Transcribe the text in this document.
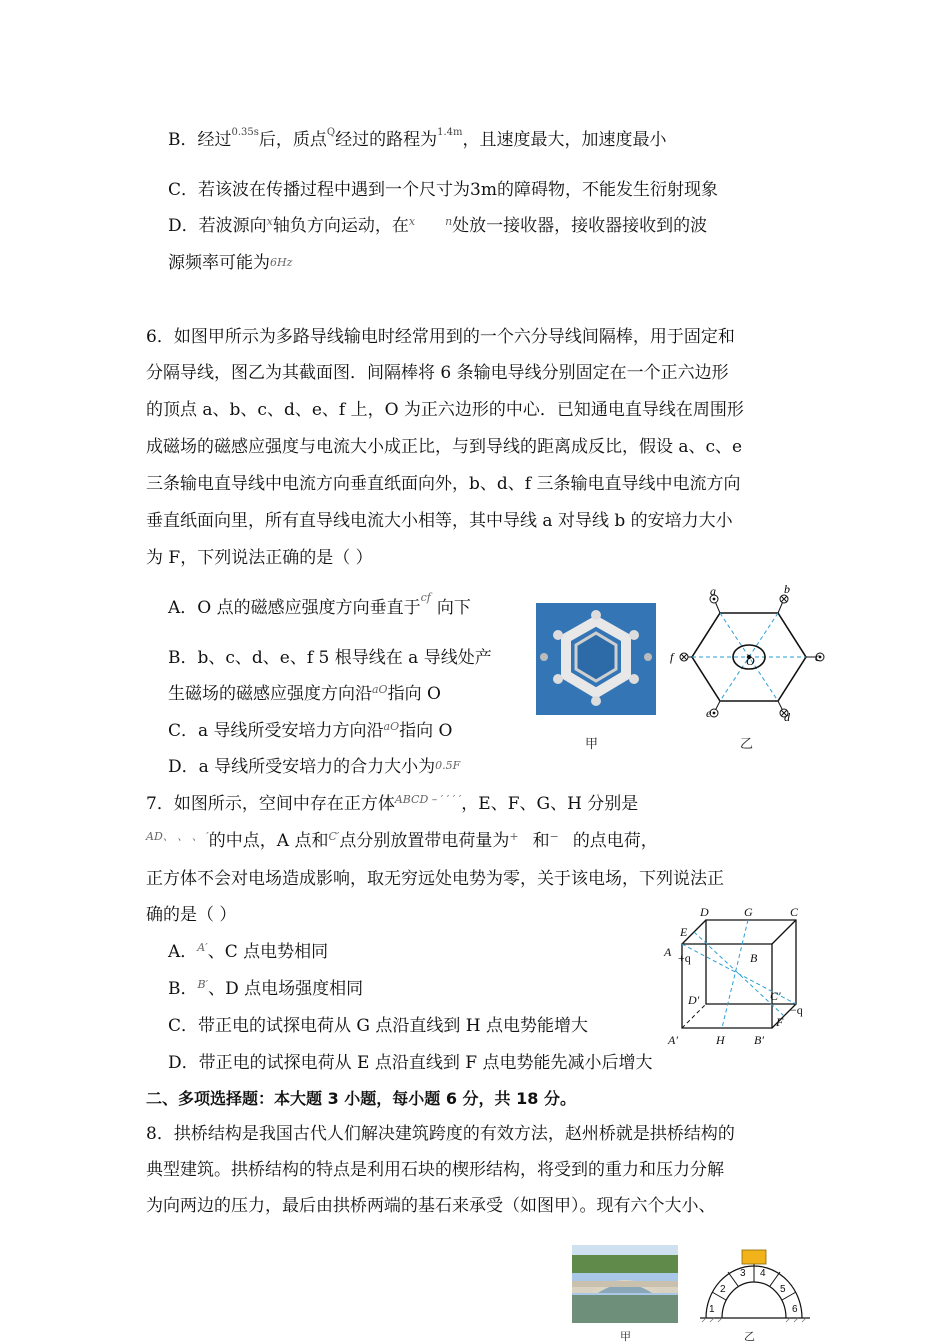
B．经过$^{0.35s}$后，质点$^Q$经过的路程为$^{1.4m}$，且速度最大，加速度最小
C．若该波在传播过程中遇到一个尺寸为3m的障碍物，不能发生衍射现象
D．若波源向$^x$轴负方向运动，在$^x$	$^n$处放一接收器，接收器接收到的波
源频率可能为6Hz
6．如图甲所示为多路导线输电时经常用到的一个六分导线间隔棒，用于固定和
分隔导线，图乙为其截面图．间隔棒将 6 条输电导线分别固定在一个正六边形
的顶点 a、b、c、d、e、f 上，O 为正六边形的中心．已知通电直导线在周围形
成磁场的磁感应强度与电流大小成正比，与到导线的距离成反比，假设 a、c、e
三条输电直导线中电流方向垂直纸面向外，b、d、f 三条输电直导线中电流方向
垂直纸面向里，所有直导线电流大小相等，其中导线 a 对导线 b 的安培力大小
为 F，下列说法正确的是（ ）
A．O 点的磁感应强度方向垂直于$^{cf}$向下
B．b、c、d、e、f 5 根导线在 a 导线处产
生磁场的磁感应强度方向沿$^{aO}$指向 O
C．a 导线所受安培力方向沿$^{aO}$指向 O
D．a 导线所受安培力的合力大小为0.5F
甲
a	b
c
d
e
f	O
乙
7．如图所示，空间中存在正方体$^{ABCD - ' ' ' '}$，E、F、G、H 分别是
$^{AD、 、 、 '}$的中点，A 点和$^{C'}$点分别放置带电荷量为+ 和− 的点电荷，
正方体不会对电场造成影响，取无穷远处电势为零，关于该电场，下列说法正
确的是（ ）
A．$^{A'}$、C 点电势相同
B．$^{B'}$、D 点电场强度相同
C．带正电的试探电荷从 G 点沿直线到 H 点电势能增大
D．带正电的试探电荷从 E 点沿直线到 F 点电势能先减小后增大
D	G	C
E
A +q	B
D′	C′
−q
F
A′	H B′
二、多项选择题：本大题 3 小题，每小题 6 分，共 18 分。
8．拱桥结构是我国古代人们解决建筑跨度的有效方法，赵州桥就是拱桥结构的
典型建筑。拱桥结构的特点是利用石块的楔形结构，将受到的重力和压力分解
为向两边的压力，最后由拱桥两端的基石来承受（如图甲）。现有六个大小、
甲
1
2
3 4
5
6
乙
